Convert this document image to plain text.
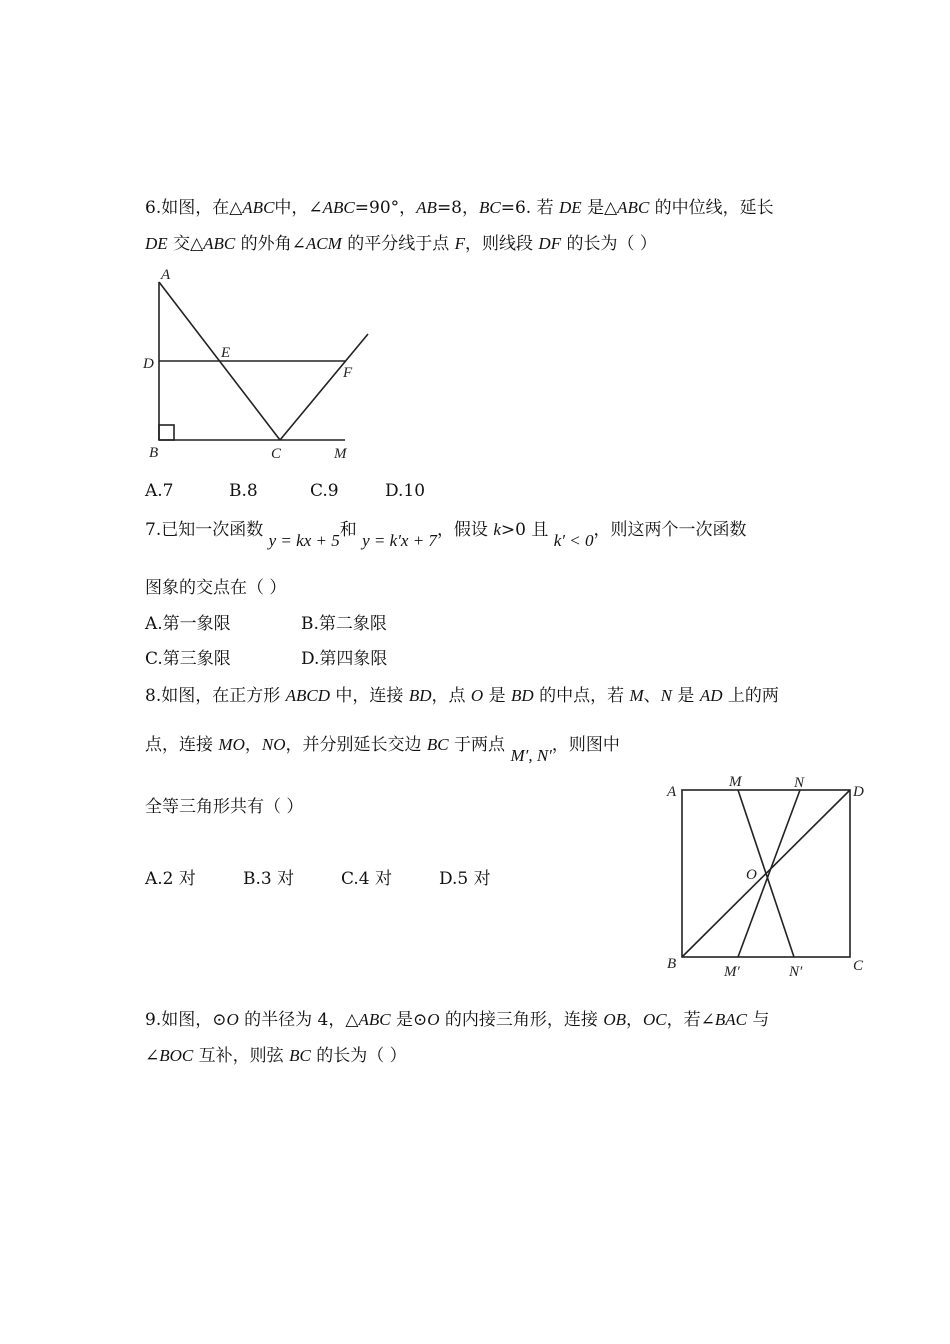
6.如图，在△ABC中，∠ABC=90°，AB=8，BC=6. 若 DE 是△ABC 的中位线，延长
DE 交△ABC 的外角∠ACM 的平分线于点 F，则线段 DF 的长为（ ）
A
D
E
F
B	C	M
A.7	B.8	C.9	D.10
7.已知一次函数 y = kx + 5和 y = k′x + 7，假设 k>0 且 k′ < 0，则这两个一次函数
图象的交点在（ ）
A.第一象限	B.第二象限
C.第三象限	D.第四象限
8.如图，在正方形 ABCD 中，连接 BD，点 O 是 BD 的中点，若 M、N 是 AD 上的两
点，连接 MO，NO，并分别延长交边 BC 于两点 M′, N′，则图中
全等三角形共有（ ）
A.2 对	B.3 对	C.4 对	D.5 对
A
M	N
D
O
B	M′	N′	C
9.如图，⊙O 的半径为 4，△ABC 是⊙O 的内接三角形，连接 OB，OC，若∠BAC 与
∠BOC 互补，则弦 BC 的长为（ ）
